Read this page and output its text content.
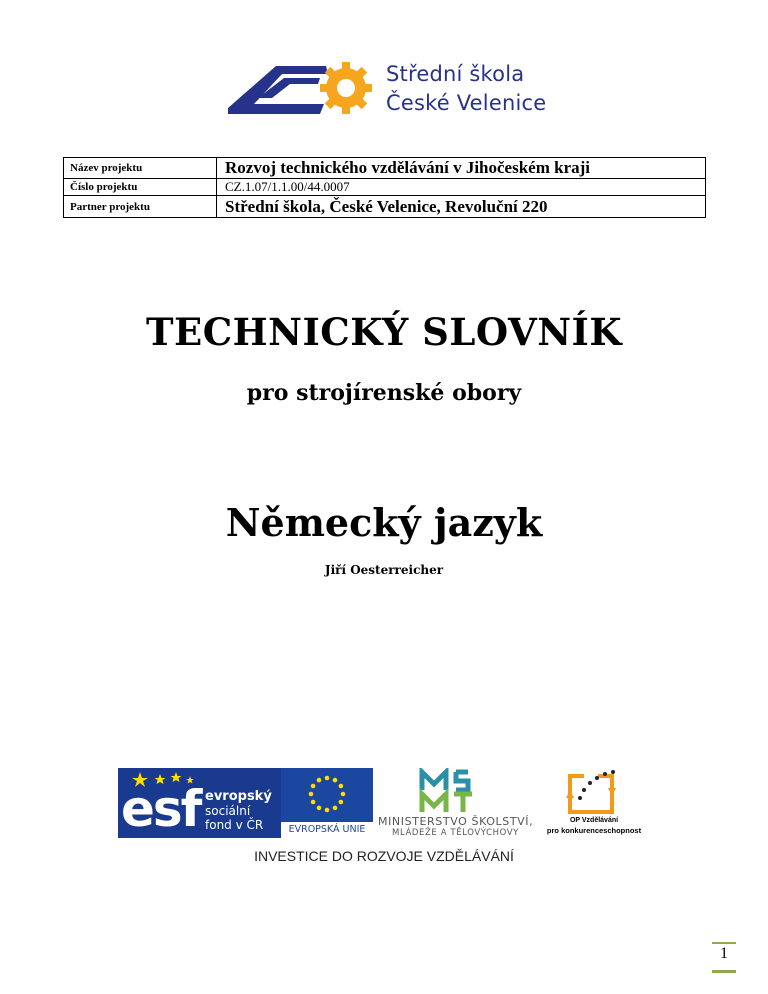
Střední škola
České Velenice
Název projektu	Rozvoj technického vzdělávání v Jihočeském kraji
Číslo projektu	CZ.1.07/1.1.00/44.0007
Partner projektu	Střední škola, České Velenice, Revoluční 220
TECHNICKÝ SLOVNÍK
pro strojírenské obory
Německý jazyk
Jiří Oesterreicher
esf evropský
sociální
fond v ČR	EVROPSKÁ UNIE
MINISTERSTVO ŠKOLSTVÍ,
MLÁDEŽE A TĚLOVÝCHOVY
OP Vzdělávání
pro konkurenceschopnost
INVESTICE DO ROZVOJE VZDĚLÁVÁNÍ
1
